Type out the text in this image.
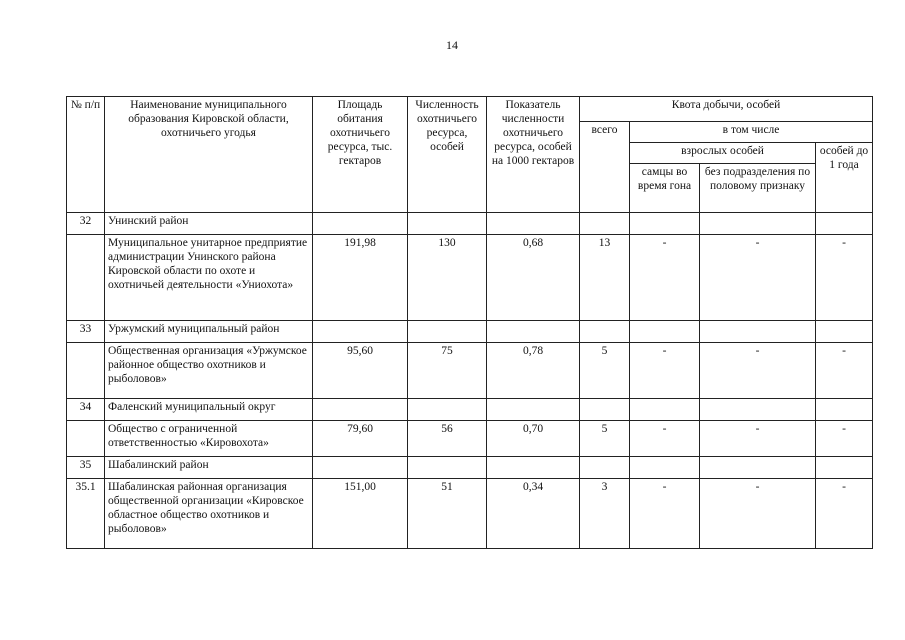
14
№ п/п	Наименование муниципального образования Кировской области, охотничьего угодья	Площадь обитания охотничьего ресурса, тыс. гектаров	Численность охотничьего ресурса, особей	Показатель численности охотничьего ресурса, особей на 1000 гектаров	Квота добычи, особей			
					всего	в том числе		
						взрослых особей		особей до 1 года
						самцы во время гона	без подразделения по половому признаку	
32	Унинский район							
	Муниципальное унитарное предприятие администрации Унинского района Кировской области по охоте и охотничьей деятельности «Униохота»	191,98	130	0,68	13	-	-	-
33	Уржумский муниципальный район							
	Общественная организация «Уржумское районное общество охотников и рыболовов»	95,60	75	0,78	5	-	-	-
34	Фаленский муниципальный округ							
	Общество с ограниченной ответственностью «Кировохота»	79,60	56	0,70	5	-	-	-
35	Шабалинский район							
35.1	Шабалинская районная организация общественной организации «Кировское областное общество охотников и рыболовов»	151,00	51	0,34	3	-	-	-
